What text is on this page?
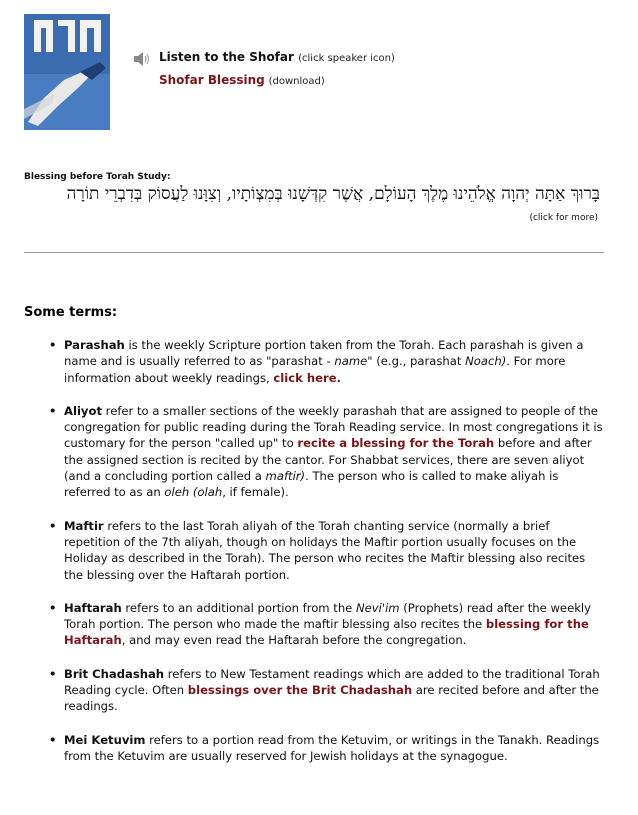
Listen to the Shofar (click speaker icon)
Shofar Blessing (download)
Blessing before Torah Study:
בָּרוּךְ אַתָּה יְהוָה אֱלֹהֵינוּ מֶלֶךְ הָעוֹלָם, אֲשֶׁר קִדְּשָׁנוּ בְּמִצְוֹתָיו, וְצִוָּנוּ לַעֲסוֹק בְּדִבְרֵי תוֹרָה
(click for more)
Some terms:
• Parashah is the weekly Scripture portion taken from the Torah. Each parashah is given a name and is usually referred to as "parashat - name" (e.g., parashat Noach). For more information about weekly readings, click here.
• Aliyot refer to a smaller sections of the weekly parashah that are assigned to people of the congregation for public reading during the Torah Reading service. In most congregations it is customary for the person "called up" to recite a blessing for the Torah before and after the assigned section is recited by the cantor. For Shabbat services, there are seven aliyot (and a concluding portion called a maftir). The person who is called to make aliyah is referred to as an oleh (olah, if female).
• Maftir refers to the last Torah aliyah of the Torah chanting service (normally a brief repetition of the 7th aliyah, though on holidays the Maftir portion usually focuses on the Holiday as described in the Torah). The person who recites the Maftir blessing also recites the blessing over the Haftarah portion.
• Haftarah refers to an additional portion from the Nevi'im (Prophets) read after the weekly Torah portion. The person who made the maftir blessing also recites the blessing for the Haftarah, and may even read the Haftarah before the congregation.
• Brit Chadashah refers to New Testament readings which are added to the traditional Torah Reading cycle. Often blessings over the Brit Chadashah are recited before and after the readings.
• Mei Ketuvim refers to a portion read from the Ketuvim, or writings in the Tanakh. Readings from the Ketuvim are usually reserved for Jewish holidays at the synagogue.
